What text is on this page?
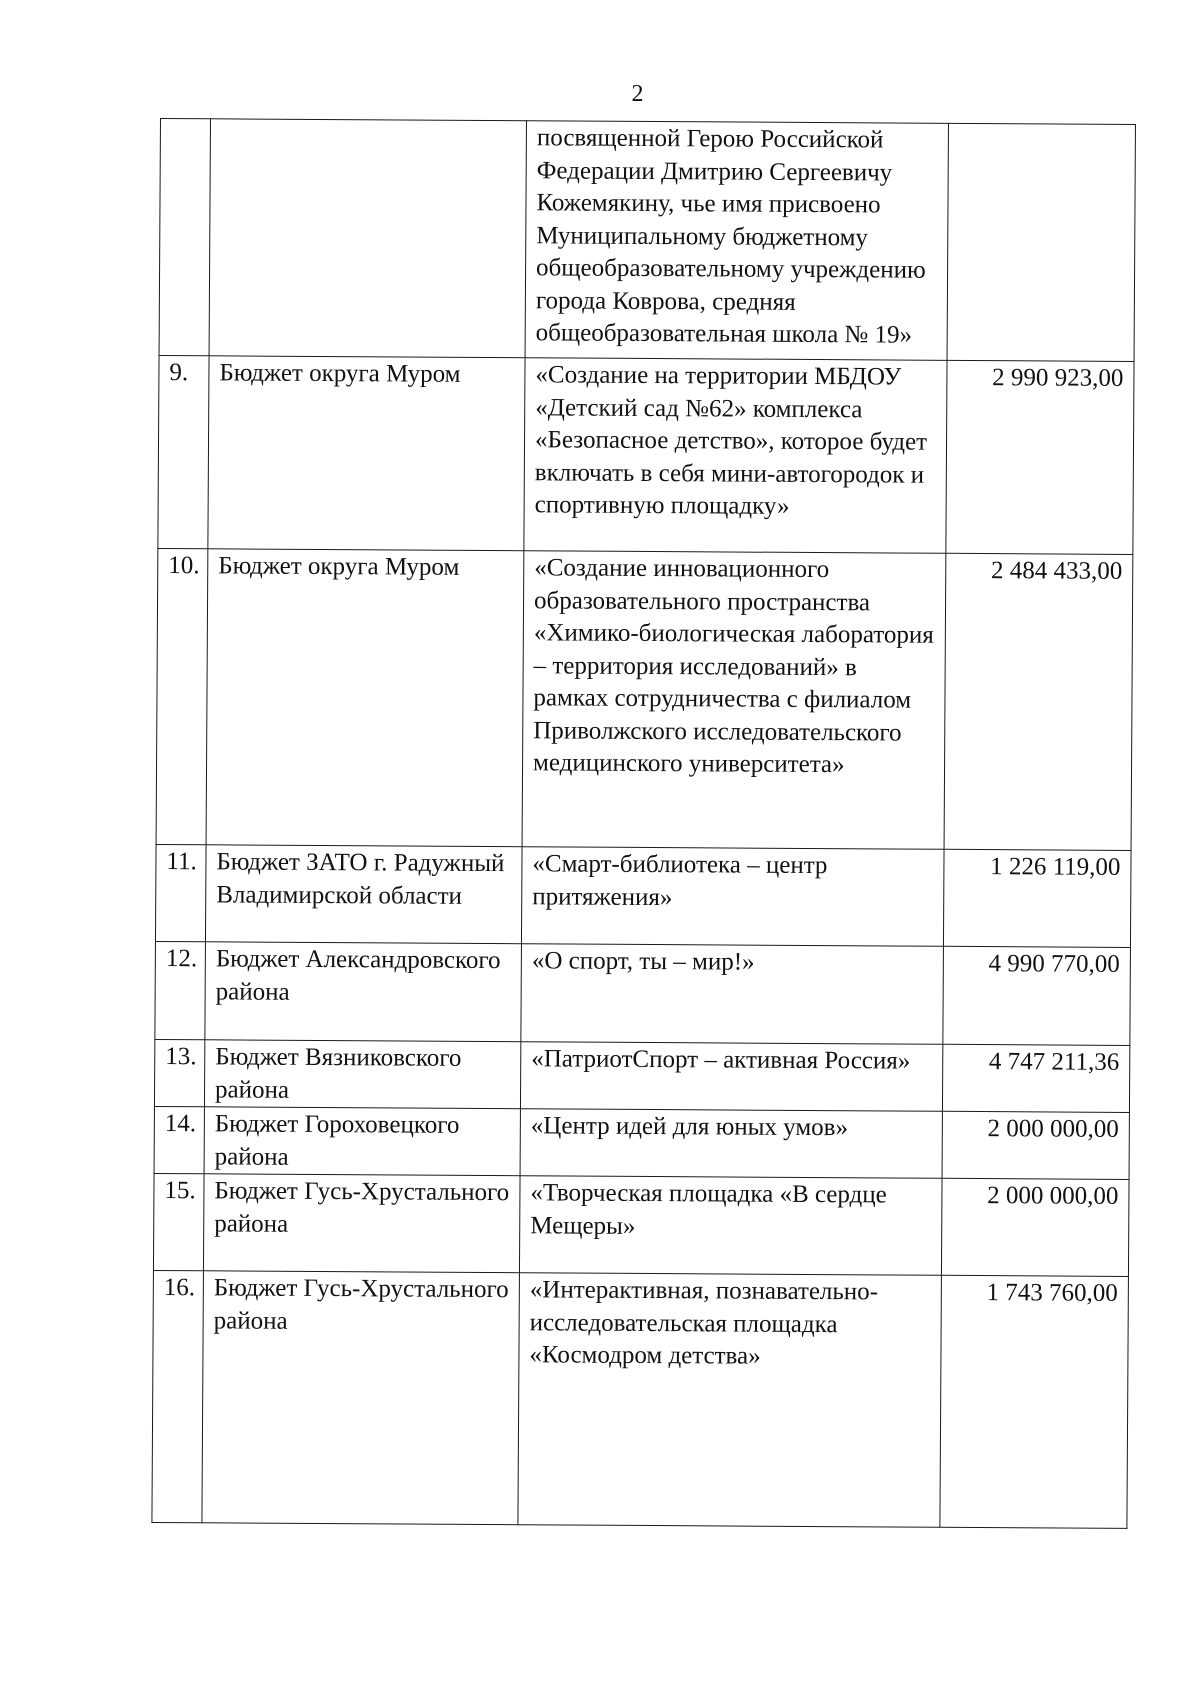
2
		посвященной Герою Российской Федерации Дмитрию Сергеевичу Кожемякину, чье имя присвоено Муниципальному бюджетному общеобразовательному учреждению города Коврова, средняя общеобразовательная школа № 19»	
9.	Бюджет округа Муром	«Создание на территории МБДОУ «Детский сад №62» комплекса «Безопасное детство», которое будет включать в себя мини-автогородок и спортивную площадку»	2 990 923,00
10.	Бюджет округа Муром	«Создание инновационного образовательного пространства «Химико-биологическая лаборатория – территория исследований» в рамках сотрудничества с филиалом Приволжского исследовательского медицинского университета»	2 484 433,00
11.	Бюджет ЗАТО г. Радужный Владимирской области	«Смарт-библиотека – центр притяжения»	1 226 119,00
12.	Бюджет Александровского района	«О спорт, ты – мир!»	4 990 770,00
13.	Бюджет Вязниковского района	«ПатриотСпорт – активная Россия»	4 747 211,36
14.	Бюджет Гороховецкого района	«Центр идей для юных умов»	2 000 000,00
15.	Бюджет Гусь-Хрустального района	«Творческая площадка «В сердце Мещеры»	2 000 000,00
16.	Бюджет Гусь-Хрустального района	«Интерактивная, познавательно-исследовательская площадка «Космодром детства»	1 743 760,00
